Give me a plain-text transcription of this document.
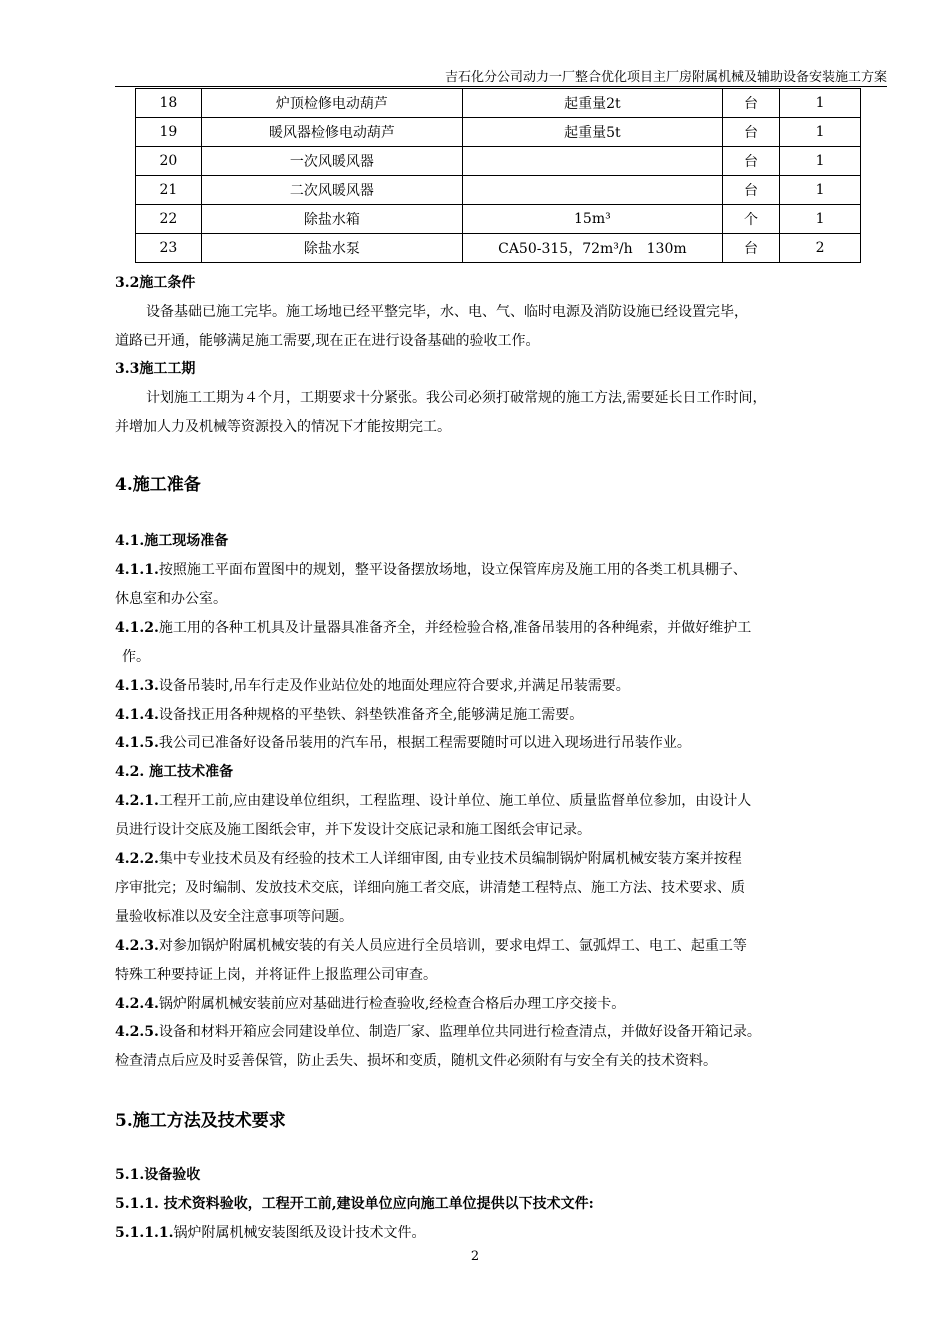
吉石化分公司动力一厂整合优化项目主厂房附属机械及辅助设备安装施工方案
18	炉顶检修电动葫芦	起重量2t	台	1
19	暖风器检修电动葫芦	起重量5t	台	1
20	一次风暖风器		台	1
21	二次风暖风器		台	1
22	除盐水箱	15m³	个	1
23	除盐水泵	CA50-315，72m³/h　130m	台	2
3.2施工条件
设备基础已施工完毕。施工场地已经平整完毕，水、电、气、临时电源及消防设施已经设置完毕，
道路已开通，能够满足施工需要,现在正在进行设备基础的验收工作。
3.3施工工期
计划施工工期为４个月，工期要求十分紧张。我公司必须打破常规的施工方法,需要延长日工作时间，
并增加人力及机械等资源投入的情况下才能按期完工。
4.施工准备
4.1.施工现场准备
4.1.1.按照施工平面布置图中的规划，整平设备摆放场地，设立保管库房及施工用的各类工机具棚子、
休息室和办公室。
4.1.2.施工用的各种工机具及计量器具准备齐全，并经检验合格,准备吊装用的各种绳索，并做好维护工
作。
4.1.3.设备吊装时,吊车行走及作业站位处的地面处理应符合要求,并满足吊装需要。
4.1.4.设备找正用各种规格的平垫铁、斜垫铁准备齐全,能够满足施工需要。
4.1.5.我公司已准备好设备吊装用的汽车吊，根据工程需要随时可以进入现场进行吊装作业。
4.2. 施工技术准备
4.2.1.工程开工前,应由建设单位组织，工程监理、设计单位、施工单位、质量监督单位参加，由设计人
员进行设计交底及施工图纸会审，并下发设计交底记录和施工图纸会审记录。
4.2.2.集中专业技术员及有经验的技术工人详细审图, 由专业技术员编制锅炉附属机械安装方案并按程
序审批完；及时编制、发放技术交底，详细向施工者交底，讲清楚工程特点、施工方法、技术要求、质
量验收标准以及安全注意事项等问题。
4.2.3.对参加锅炉附属机械安装的有关人员应进行全员培训，要求电焊工、氩弧焊工、电工、起重工等
特殊工种要持证上岗，并将证件上报监理公司审查。
4.2.4.锅炉附属机械安装前应对基础进行检查验收,经检查合格后办理工序交接卡。
4.2.5.设备和材料开箱应会同建设单位、制造厂家、监理单位共同进行检查清点，并做好设备开箱记录。
检查清点后应及时妥善保管，防止丢失、损坏和变质，随机文件必须附有与安全有关的技术资料。
5.施工方法及技术要求
5.1.设备验收
5.1.1. 技术资料验收，工程开工前,建设单位应向施工单位提供以下技术文件:
5.1.1.1.锅炉附属机械安装图纸及设计技术文件。
2
